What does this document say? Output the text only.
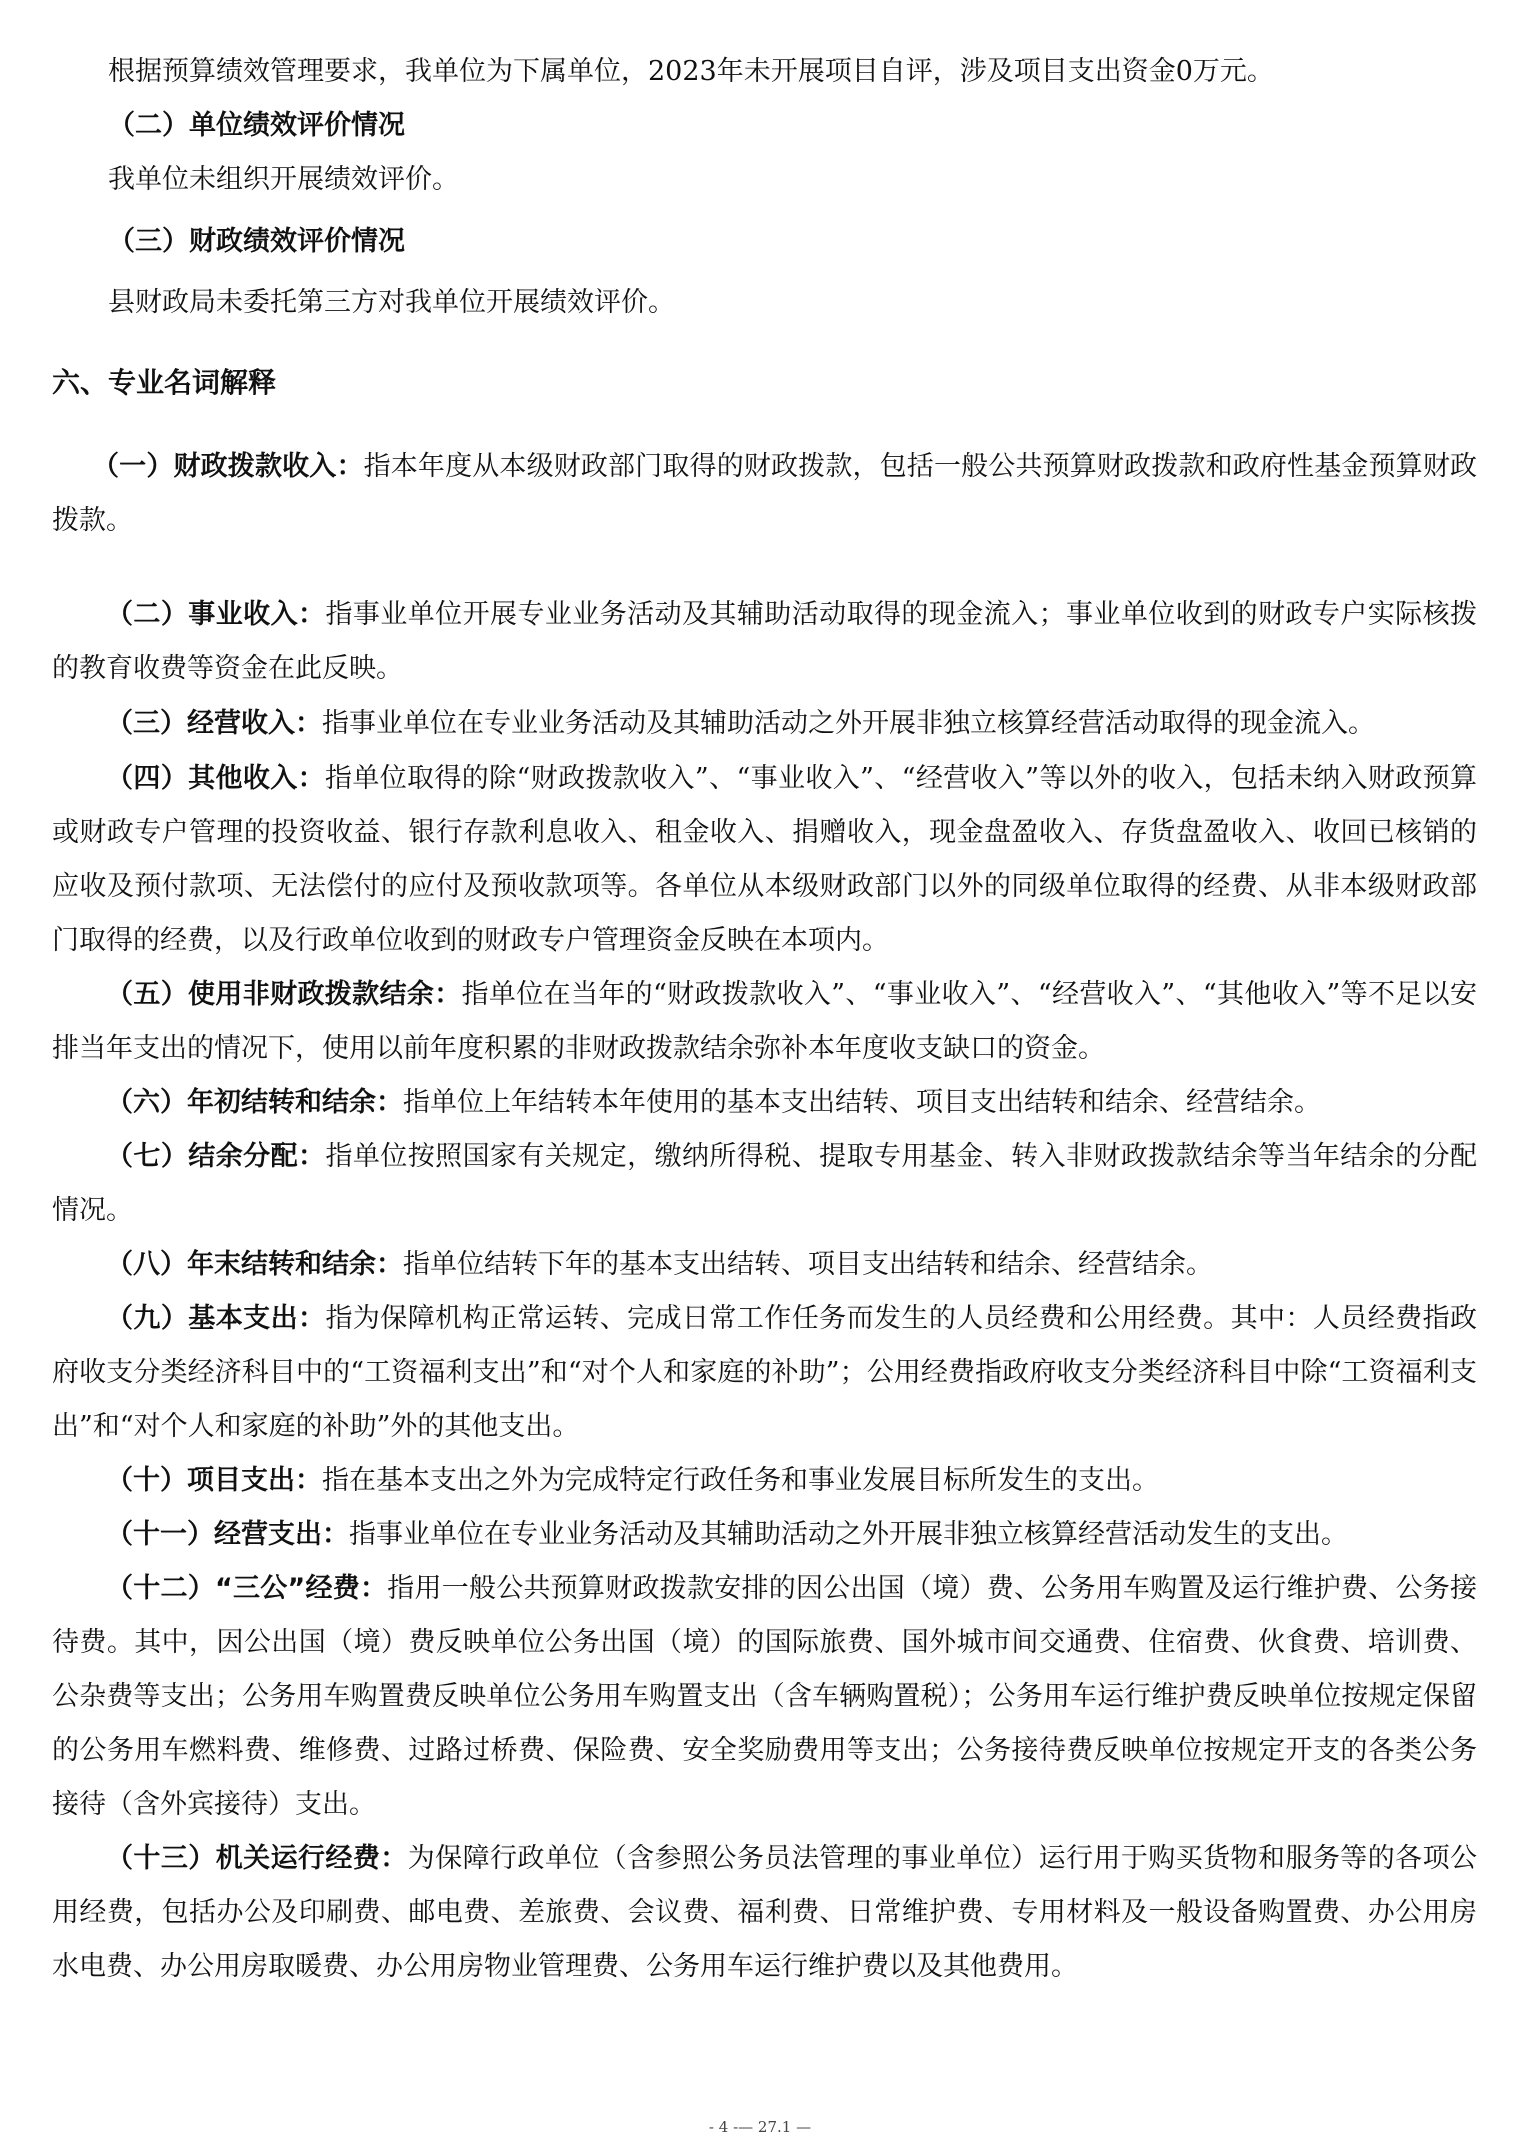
根据预算绩效管理要求，我单位为下属单位，2023年未开展项目自评，涉及项目支出资金0万元。

（二）单位绩效评价情况

我单位未组织开展绩效评价。

（三）财政绩效评价情况

县财政局未委托第三方对我单位开展绩效评价。

六、专业名词解释

（一）财政拨款收入：指本年度从本级财政部门取得的财政拨款，包括一般公共预算财政拨款和政府性基金预算财政拨款。

（二）事业收入：指事业单位开展专业业务活动及其辅助活动取得的现金流入；事业单位收到的财政专户实际核拨的教育收费等资金在此反映。

（三）经营收入：指事业单位在专业业务活动及其辅助活动之外开展非独立核算经营活动取得的现金流入。

（四）其他收入：指单位取得的除“财政拨款收入”、“事业收入”、“经营收入”等以外的收入，包括未纳入财政预算或财政专户管理的投资收益、银行存款利息收入、租金收入、捐赠收入，现金盘盈收入、存货盘盈收入、收回已核销的应收及预付款项、无法偿付的应付及预收款项等。各单位从本级财政部门以外的同级单位取得的经费、从非本级财政部门取得的经费，以及行政单位收到的财政专户管理资金反映在本项内。

（五）使用非财政拨款结余：指单位在当年的“财政拨款收入”、“事业收入”、“经营收入”、“其他收入”等不足以安排当年支出的情况下，使用以前年度积累的非财政拨款结余弥补本年度收支缺口的资金。

（六）年初结转和结余：指单位上年结转本年使用的基本支出结转、项目支出结转和结余、经营结余。

（七）结余分配：指单位按照国家有关规定，缴纳所得税、提取专用基金、转入非财政拨款结余等当年结余的分配情况。

（八）年末结转和结余：指单位结转下年的基本支出结转、项目支出结转和结余、经营结余。

（九）基本支出：指为保障机构正常运转、完成日常工作任务而发生的人员经费和公用经费。其中：人员经费指政府收支分类经济科目中的“工资福利支出”和“对个人和家庭的补助”；公用经费指政府收支分类经济科目中除“工资福利支出”和“对个人和家庭的补助”外的其他支出。

（十）项目支出：指在基本支出之外为完成特定行政任务和事业发展目标所发生的支出。

（十一）经营支出：指事业单位在专业业务活动及其辅助活动之外开展非独立核算经营活动发生的支出。

（十二）“三公”经费：指用一般公共预算财政拨款安排的因公出国（境）费、公务用车购置及运行维护费、公务接待费。其中，因公出国（境）费反映单位公务出国（境）的国际旅费、国外城市间交通费、住宿费、伙食费、培训费、公杂费等支出；公务用车购置费反映单位公务用车购置支出（含车辆购置税）；公务用车运行维护费反映单位按规定保留的公务用车燃料费、维修费、过路过桥费、保险费、安全奖励费用等支出；公务接待费反映单位按规定开支的各类公务接待（含外宾接待）支出。

（十三）机关运行经费：为保障行政单位（含参照公务员法管理的事业单位）运行用于购买货物和服务等的各项公用经费，包括办公及印刷费、邮电费、差旅费、会议费、福利费、日常维护费、专用材料及一般设备购置费、办公用房水电费、办公用房取暖费、办公用房物业管理费、公务用车运行维护费以及其他费用。

- 4 -— 27.1 —
